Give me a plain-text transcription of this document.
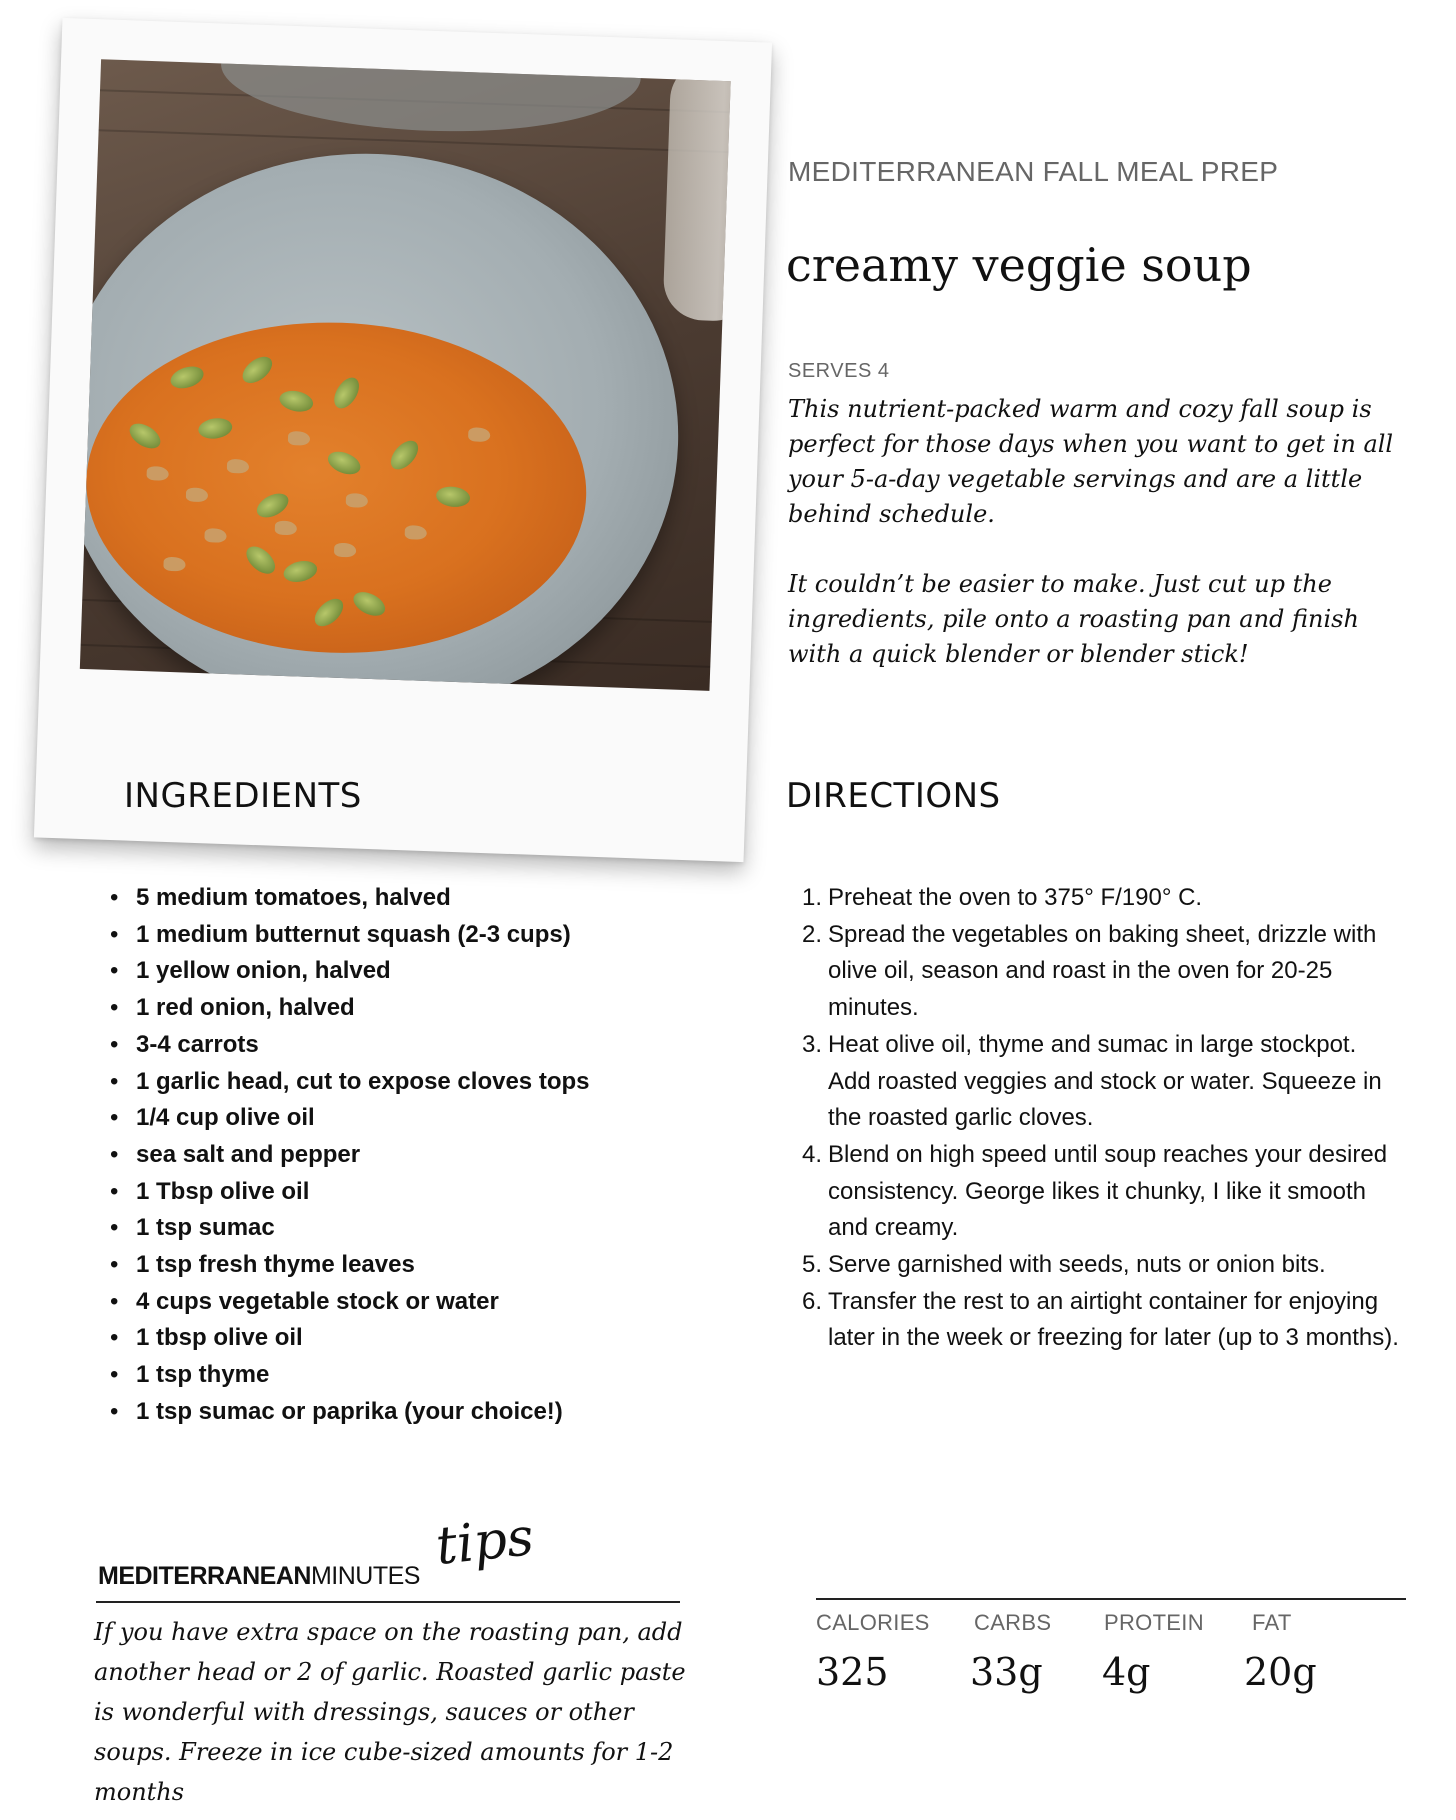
MEDITERRANEAN FALL MEAL PREP
creamy veggie soup
SERVES 4

This nutrient-packed warm and cozy fall soup is perfect for those days when you want to get in all your 5-a-day vegetable servings and are a little behind schedule.

It couldn’t be easier to make. Just cut up the ingredients, pile onto a roasting pan and finish with a quick blender or blender stick!

INGREDIENTS	DIRECTIONS
• 5 medium tomatoes, halved
• 1 medium butternut squash (2-3 cups)
• 1 yellow onion, halved
• 1 red onion, halved
• 3-4 carrots
• 1 garlic head, cut to expose cloves tops
• 1/4 cup olive oil
• sea salt and pepper
• 1 Tbsp olive oil
• 1 tsp sumac
• 1 tsp fresh thyme leaves
• 4 cups vegetable stock or water
• 1 tbsp olive oil
• 1 tsp thyme
• 1 tsp sumac or paprika (your choice!)
1. Preheat the oven to 375° F/190° C.
2. Spread the vegetables on baking sheet, drizzle with olive oil, season and roast in the oven for 20-25 minutes.
3. Heat olive oil, thyme and sumac in large stockpot. Add roasted veggies and stock or water. Squeeze in the roasted garlic cloves.
4. Blend on high speed until soup reaches your desired consistency. George likes it chunky, I like it smooth and creamy.
5. Serve garnished with seeds, nuts or onion bits.
6. Transfer the rest to an airtight container for enjoying later in the week or freezing for later (up to 3 months).
MEDITERRANEANMINUTES tips
If you have extra space on the roasting pan, add another head or 2 of garlic. Roasted garlic paste is wonderful with dressings, sauces or other soups. Freeze in ice cube-sized amounts for 1-2 months
CALORIES CARBS PROTEIN FAT
325 33g 4g 20g
